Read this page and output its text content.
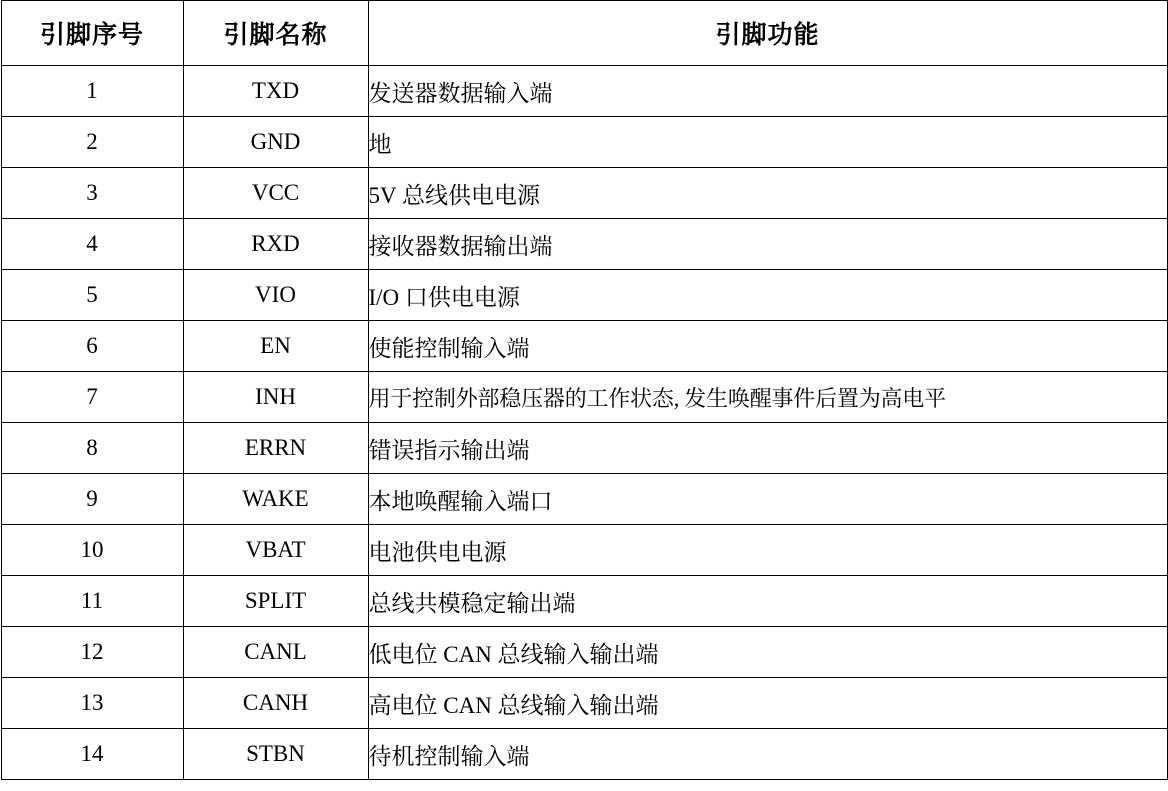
引脚序号	引脚名称	引脚功能
1	TXD	发送器数据输入端
2	GND	地
3	VCC	5V 总线供电电源
4	RXD	接收器数据输出端
5	VIO	I/O 口供电电源
6	EN	使能控制输入端
7	INH	用于控制外部稳压器的工作状态, 发生唤醒事件后置为高电平
8	ERRN	错误指示输出端
9	WAKE	本地唤醒输入端口
10	VBAT	电池供电电源
11	SPLIT	总线共模稳定输出端
12	CANL	低电位 CAN 总线输入输出端
13	CANH	高电位 CAN 总线输入输出端
14	STBN	待机控制输入端
